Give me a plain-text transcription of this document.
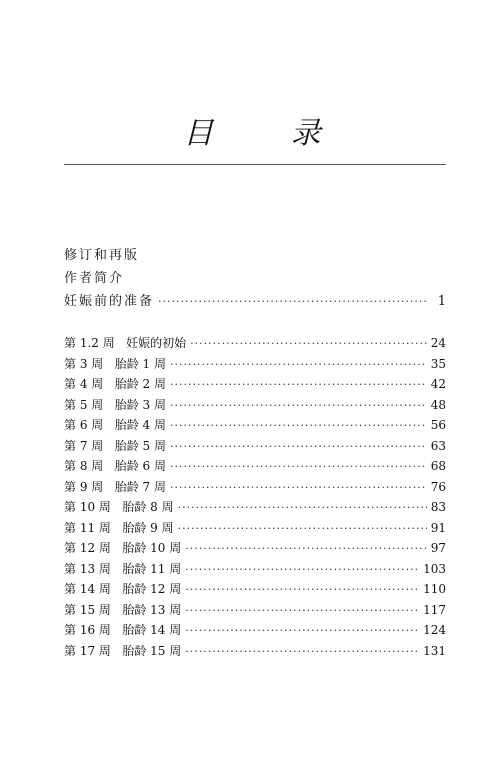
目 录
修订和再版
作者简介
妊娠前的准备 ·····	1
第 1.2 周   妊娠的初始 ·····	24
第 3 周   胎龄 1 周 ·····	35
第 4 周   胎龄 2 周 ·····	42
第 5 周   胎龄 3 周 ·····	48
第 6 周   胎龄 4 周 ·····	56
第 7 周   胎龄 5 周 ·····	63
第 8 周   胎龄 6 周 ·····	68
第 9 周   胎龄 7 周 ·····	76
第 10 周   胎龄 8 周 ·····	83
第 11 周   胎龄 9 周 ·····	91
第 12 周   胎龄 10 周 ·····	97
第 13 周   胎龄 11 周 ·····	103
第 14 周   胎龄 12 周 ·····	110
第 15 周   胎龄 13 周 ·····	117
第 16 周   胎龄 14 周 ·····	124
第 17 周   胎龄 15 周 ·····	131
